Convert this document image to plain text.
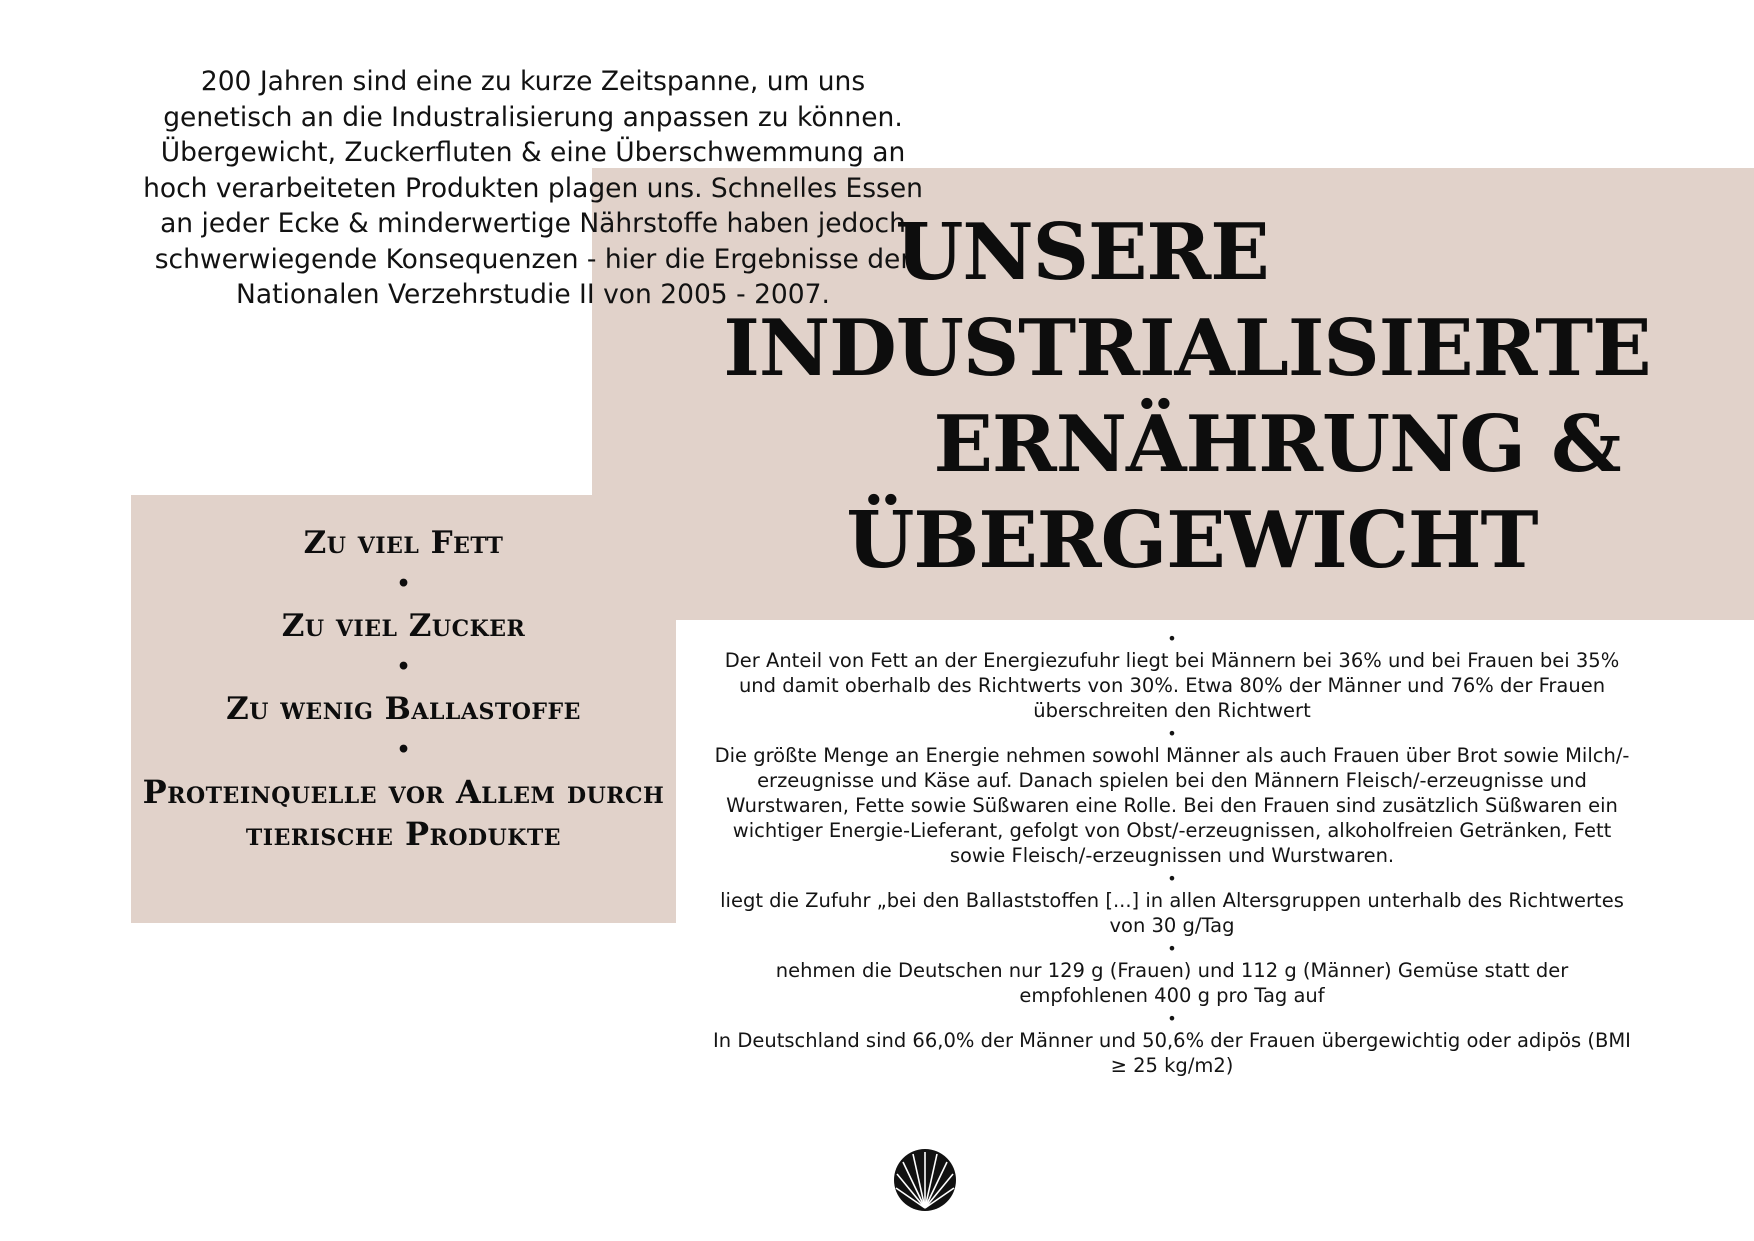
200 Jahren sind eine zu kurze Zeitspanne, um uns

genetisch an die Industralisierung anpassen zu können.

Übergewicht, Zuckerfluten & eine Überschwemmung an

hoch verarbeiteten Produkten plagen uns. Schnelles Essen

an jeder Ecke & minderwertige Nährstoffe haben jedoch

schwerwiegende Konsequenzen - hier die Ergebnisse der

Nationalen Verzehrstudie II von 2005 - 2007. UNSERE
INDUSTRIALISIERTE
ERNÄHRUNG &
ÜBERGEWICHT
Zu viel Fett
•
Zu viel Zucker
•
Zu wenig Ballastoffe
•
Proteinquelle vor Allem durch tierische Produkte
•

Der Anteil von Fett an der Energiezufuhr liegt bei Männern bei 36% und bei Frauen bei 35% und damit oberhalb des Richtwerts von 30%. Etwa 80% der Männer und 76% der Frauen überschreiten den Richtwert

•

Die größte Menge an Energie nehmen sowohl Männer als auch Frauen über Brot sowie Milch/-erzeugnisse und Käse auf. Danach spielen bei den Männern Fleisch/-erzeugnisse und Wurstwaren, Fette sowie Süßwaren eine Rolle. Bei den Frauen sind zusätzlich Süßwaren ein wichtiger Energie-Lieferant, gefolgt von Obst/-erzeugnissen, alkoholfreien Getränken, Fett sowie Fleisch/-erzeugnissen und Wurstwaren.

•

liegt die Zufuhr „bei den Ballaststoffen [...] in allen Altersgruppen unterhalb des Richtwertes von 30 g/Tag

•

nehmen die Deutschen nur 129 g (Frauen) und 112 g (Männer) Gemüse statt der empfohlenen 400 g pro Tag auf

•

In Deutschland sind 66,0% der Männer und 50,6% der Frauen übergewichtig oder adipös (BMI ≥ 25 kg/m2)
